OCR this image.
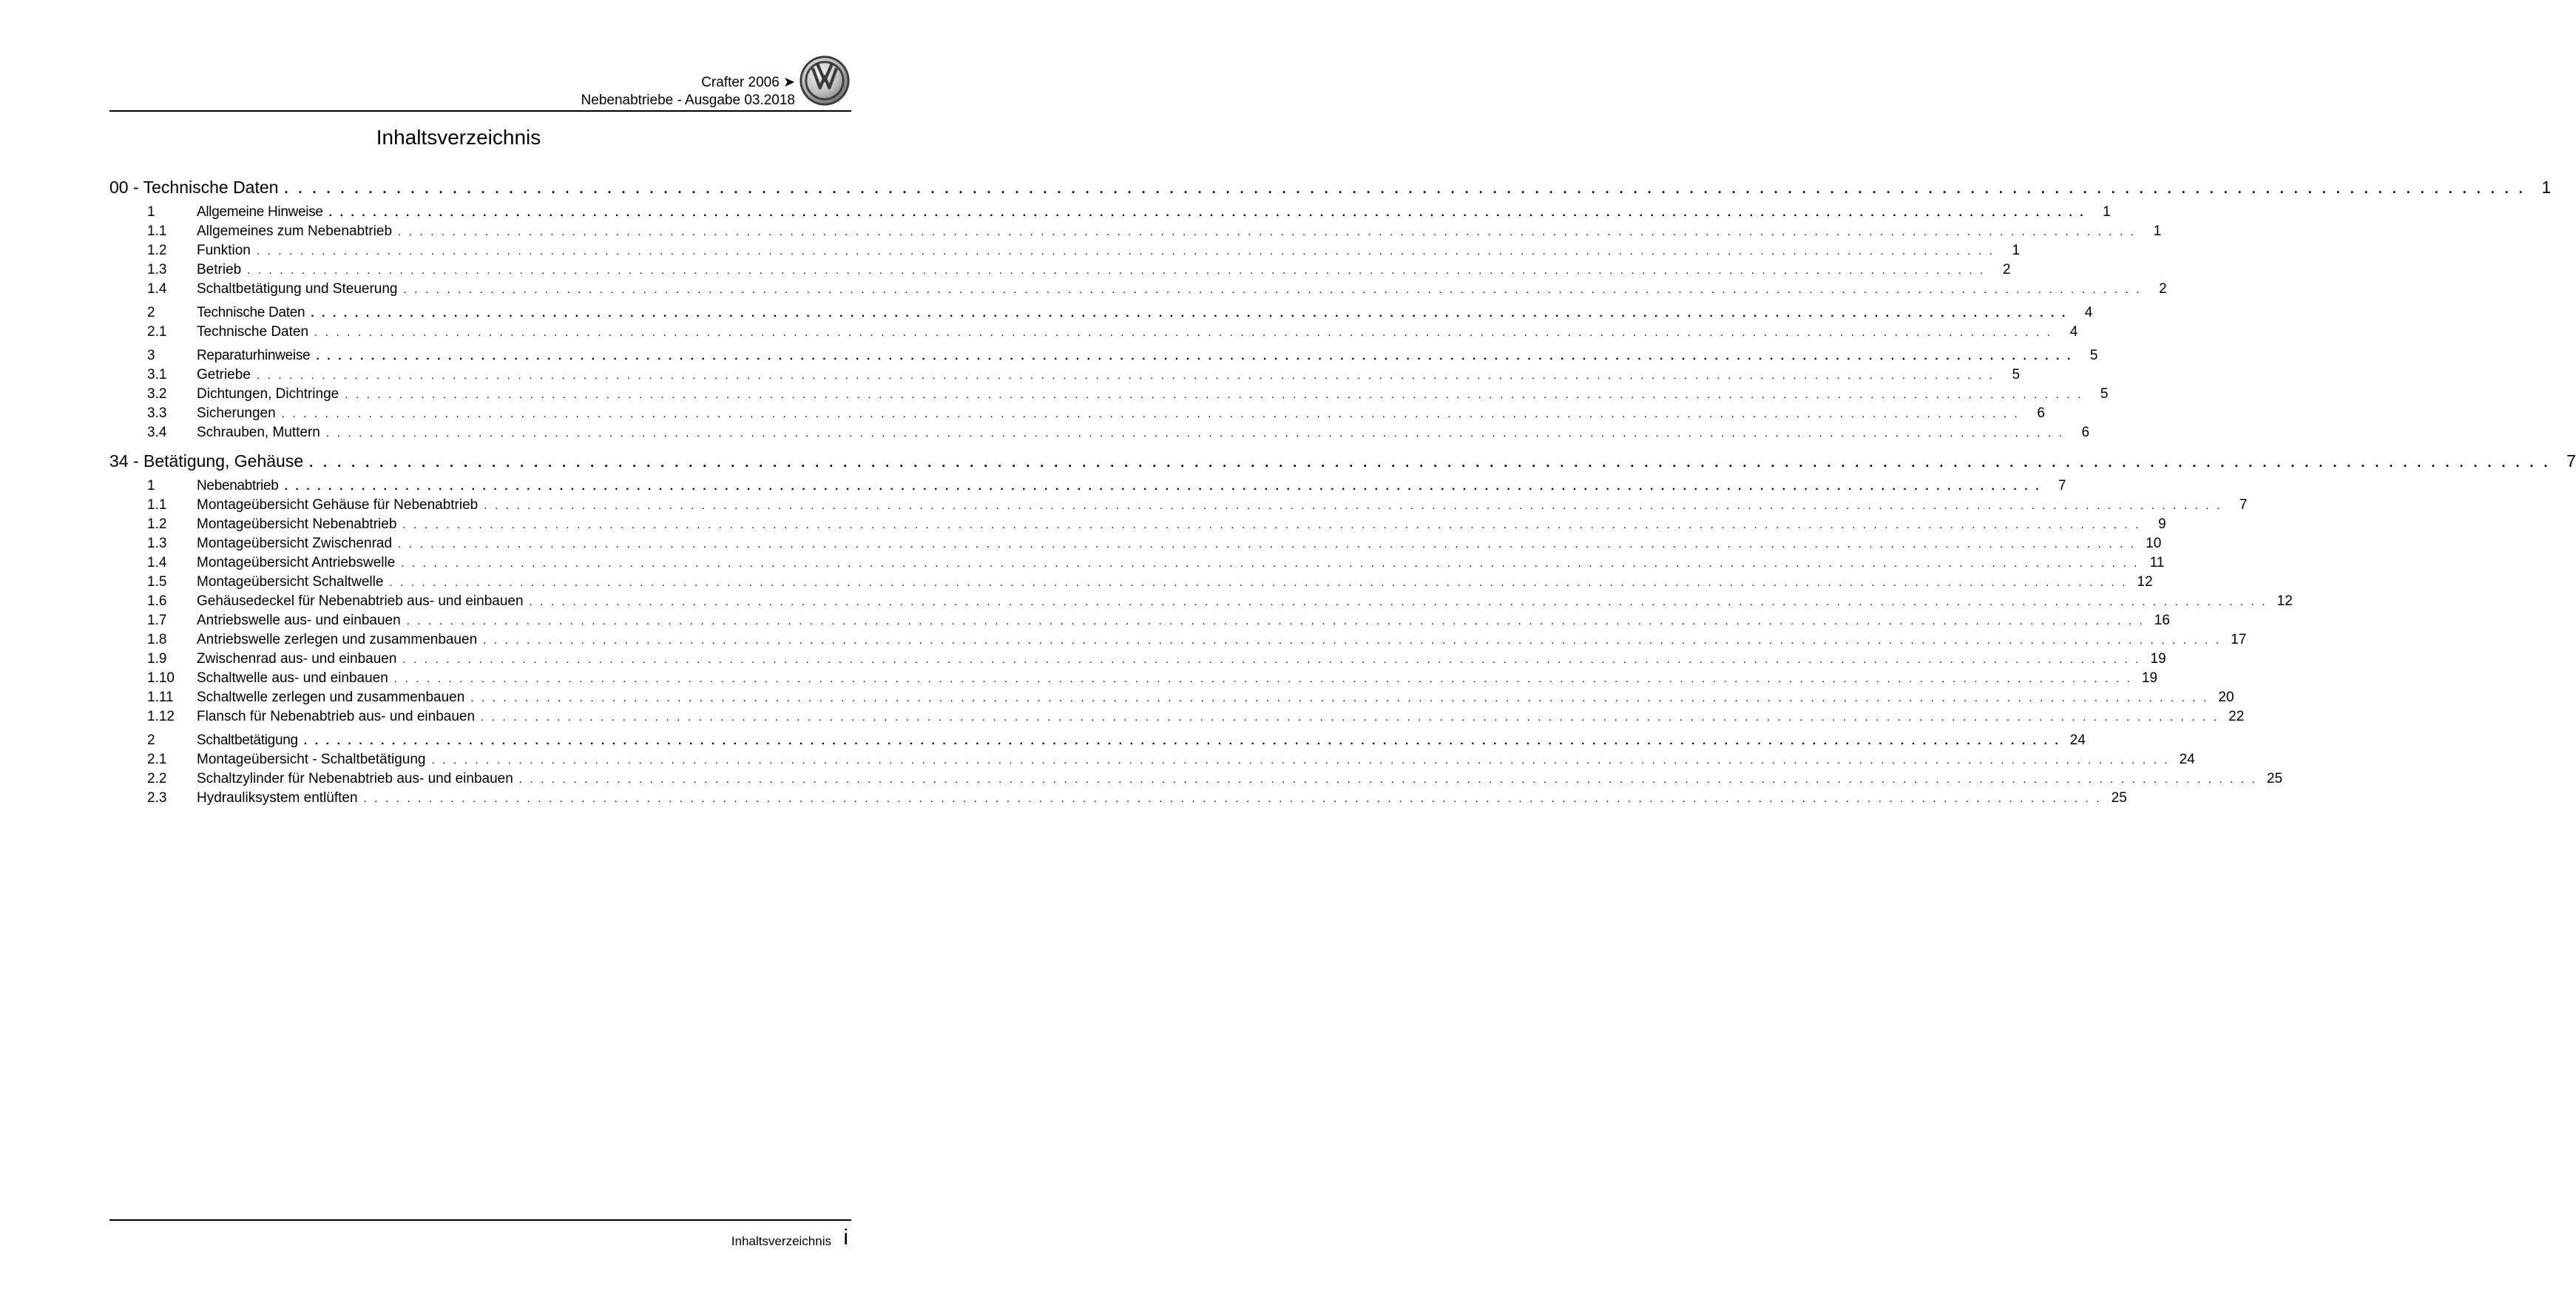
Crafter 2006 ➤
Nebenabtriebe - Ausgabe 03.2018
Inhaltsverzeichnis
00 - Technische Daten . . . . . . . . . . . . . . . . . . . . . . . . . . . . . . . . . . . . . . . . . . . . . . . . . . . . . . . . . . . . . . . . . . . . . . . . . . . . . . . . . . . . . . . . . . . . . . . . . . . . . . . . . . . . . . . . . . . . . . . . . . . . . . . . . . . . . . . . . . . . . . . . . . . . . . . . . . . . . . . . 1
1	Allgemeine Hinweise . . . . . . . . . . . . . . . . . . . . . . . . . . . . . . . . . . . . . . . . . . . . . . . . . . . . . . . . . . . . . . . . . . . . . . . . . . . . . . . . . . . . . . . . . . . . . . . . . . . . . . . . . . . . . . . . . . . . . . . . . . . . . . . . . . . . . . . . . . . . . . . . . . . . . . . . . . . . . . . .	1
1.1	Allgemeines zum Nebenabtrieb . . . . . . . . . . . . . . . . . . . . . . . . . . . . . . . . . . . . . . . . . . . . . . . . . . . . . . . . . . . . . . . . . . . . . . . . . . . . . . . . . . . . . . . . . . . . . . . . . . . . . . . . . . . . . . . . . . . . . . . . . . . . . . . . . . . . . . . . . . . . . . . . . . . . . . . . . . . . . . . .	1
1.2	Funktion . . . . . . . . . . . . . . . . . . . . . . . . . . . . . . . . . . . . . . . . . . . . . . . . . . . . . . . . . . . . . . . . . . . . . . . . . . . . . . . . . . . . . . . . . . . . . . . . . . . . . . . . . . . . . . . . . . . . . . . . . . . . . . . . . . . . . . . . . . . . . . . . . . . . . . . . . . . . . . . .	1
1.3	Betrieb . . . . . . . . . . . . . . . . . . . . . . . . . . . . . . . . . . . . . . . . . . . . . . . . . . . . . . . . . . . . . . . . . . . . . . . . . . . . . . . . . . . . . . . . . . . . . . . . . . . . . . . . . . . . . . . . . . . . . . . . . . . . . . . . . . . . . . . . . . . . . . . . . . . . . . . . . . . . . . . .	2
1.4	Schaltbetätigung und Steuerung . . . . . . . . . . . . . . . . . . . . . . . . . . . . . . . . . . . . . . . . . . . . . . . . . . . . . . . . . . . . . . . . . . . . . . . . . . . . . . . . . . . . . . . . . . . . . . . . . . . . . . . . . . . . . . . . . . . . . . . . . . . . . . . . . . . . . . . . . . . . . . . . . . . . . . . . . . . . . . . .	2
2	Technische Daten . . . . . . . . . . . . . . . . . . . . . . . . . . . . . . . . . . . . . . . . . . . . . . . . . . . . . . . . . . . . . . . . . . . . . . . . . . . . . . . . . . . . . . . . . . . . . . . . . . . . . . . . . . . . . . . . . . . . . . . . . . . . . . . . . . . . . . . . . . . . . . . . . . . . . . . . . . . . . . . .	4
2.1	Technische Daten . . . . . . . . . . . . . . . . . . . . . . . . . . . . . . . . . . . . . . . . . . . . . . . . . . . . . . . . . . . . . . . . . . . . . . . . . . . . . . . . . . . . . . . . . . . . . . . . . . . . . . . . . . . . . . . . . . . . . . . . . . . . . . . . . . . . . . . . . . . . . . . . . . . . . . . . . . . . . . . .	4
3	Reparaturhinweise . . . . . . . . . . . . . . . . . . . . . . . . . . . . . . . . . . . . . . . . . . . . . . . . . . . . . . . . . . . . . . . . . . . . . . . . . . . . . . . . . . . . . . . . . . . . . . . . . . . . . . . . . . . . . . . . . . . . . . . . . . . . . . . . . . . . . . . . . . . . . . . . . . . . . . . . . . . . . . . .	5
3.1	Getriebe . . . . . . . . . . . . . . . . . . . . . . . . . . . . . . . . . . . . . . . . . . . . . . . . . . . . . . . . . . . . . . . . . . . . . . . . . . . . . . . . . . . . . . . . . . . . . . . . . . . . . . . . . . . . . . . . . . . . . . . . . . . . . . . . . . . . . . . . . . . . . . . . . . . . . . . . . . . . . . . .	5
3.2	Dichtungen, Dichtringe . . . . . . . . . . . . . . . . . . . . . . . . . . . . . . . . . . . . . . . . . . . . . . . . . . . . . . . . . . . . . . . . . . . . . . . . . . . . . . . . . . . . . . . . . . . . . . . . . . . . . . . . . . . . . . . . . . . . . . . . . . . . . . . . . . . . . . . . . . . . . . . . . . . . . . . . . . . . . . . .	5
3.3	Sicherungen . . . . . . . . . . . . . . . . . . . . . . . . . . . . . . . . . . . . . . . . . . . . . . . . . . . . . . . . . . . . . . . . . . . . . . . . . . . . . . . . . . . . . . . . . . . . . . . . . . . . . . . . . . . . . . . . . . . . . . . . . . . . . . . . . . . . . . . . . . . . . . . . . . . . . . . . . . . . . . . .	6
3.4	Schrauben, Muttern . . . . . . . . . . . . . . . . . . . . . . . . . . . . . . . . . . . . . . . . . . . . . . . . . . . . . . . . . . . . . . . . . . . . . . . . . . . . . . . . . . . . . . . . . . . . . . . . . . . . . . . . . . . . . . . . . . . . . . . . . . . . . . . . . . . . . . . . . . . . . . . . . . . . . . . . . . . . . . . .	6
34 - Betätigung, Gehäuse . . . . . . . . . . . . . . . . . . . . . . . . . . . . . . . . . . . . . . . . . . . . . . . . . . . . . . . . . . . . . . . . . . . . . . . . . . . . . . . . . . . . . . . . . . . . . . . . . . . . . . . . . . . . . . . . . . . . . . . . . . . . . . . . . . . . . . . . . . . . . . . . . . . . . . . . . . . . . . . . 7
1	Nebenabtrieb . . . . . . . . . . . . . . . . . . . . . . . . . . . . . . . . . . . . . . . . . . . . . . . . . . . . . . . . . . . . . . . . . . . . . . . . . . . . . . . . . . . . . . . . . . . . . . . . . . . . . . . . . . . . . . . . . . . . . . . . . . . . . . . . . . . . . . . . . . . . . . . . . . . . . . . . . . . . . . . .	7
1.1	Montageübersicht Gehäuse für Nebenabtrieb . . . . . . . . . . . . . . . . . . . . . . . . . . . . . . . . . . . . . . . . . . . . . . . . . . . . . . . . . . . . . . . . . . . . . . . . . . . . . . . . . . . . . . . . . . . . . . . . . . . . . . . . . . . . . . . . . . . . . . . . . . . . . . . . . . . . . . . . . . . . . . . . . . . . . . . . . . . . . . . .	7
1.2	Montageübersicht Nebenabtrieb . . . . . . . . . . . . . . . . . . . . . . . . . . . . . . . . . . . . . . . . . . . . . . . . . . . . . . . . . . . . . . . . . . . . . . . . . . . . . . . . . . . . . . . . . . . . . . . . . . . . . . . . . . . . . . . . . . . . . . . . . . . . . . . . . . . . . . . . . . . . . . . . . . . . . . . . . . . . . . . .	9
1.3	Montageübersicht Zwischenrad . . . . . . . . . . . . . . . . . . . . . . . . . . . . . . . . . . . . . . . . . . . . . . . . . . . . . . . . . . . . . . . . . . . . . . . . . . . . . . . . . . . . . . . . . . . . . . . . . . . . . . . . . . . . . . . . . . . . . . . . . . . . . . . . . . . . . . . . . . . . . . . . . . . . . . . . . . . . . . . . 10
1.4	Montageübersicht Antriebswelle . . . . . . . . . . . . . . . . . . . . . . . . . . . . . . . . . . . . . . . . . . . . . . . . . . . . . . . . . . . . . . . . . . . . . . . . . . . . . . . . . . . . . . . . . . . . . . . . . . . . . . . . . . . . . . . . . . . . . . . . . . . . . . . . . . . . . . . . . . . . . . . . . . . . . . . . . . . . . . . . 11
1.5	Montageübersicht Schaltwelle . . . . . . . . . . . . . . . . . . . . . . . . . . . . . . . . . . . . . . . . . . . . . . . . . . . . . . . . . . . . . . . . . . . . . . . . . . . . . . . . . . . . . . . . . . . . . . . . . . . . . . . . . . . . . . . . . . . . . . . . . . . . . . . . . . . . . . . . . . . . . . . . . . . . . . . . . . . . . . . . 12
1.6	Gehäusedeckel für Nebenabtrieb aus- und einbauen . . . . . . . . . . . . . . . . . . . . . . . . . . . . . . . . . . . . . . . . . . . . . . . . . . . . . . . . . . . . . . . . . . . . . . . . . . . . . . . . . . . . . . . . . . . . . . . . . . . . . . . . . . . . . . . . . . . . . . . . . . . . . . . . . . . . . . . . . . . . . . . . . . . . . . . . . . . . . . . . 12
1.7	Antriebswelle aus- und einbauen . . . . . . . . . . . . . . . . . . . . . . . . . . . . . . . . . . . . . . . . . . . . . . . . . . . . . . . . . . . . . . . . . . . . . . . . . . . . . . . . . . . . . . . . . . . . . . . . . . . . . . . . . . . . . . . . . . . . . . . . . . . . . . . . . . . . . . . . . . . . . . . . . . . . . . . . . . . . . . . . 16
1.8	Antriebswelle zerlegen und zusammenbauen . . . . . . . . . . . . . . . . . . . . . . . . . . . . . . . . . . . . . . . . . . . . . . . . . . . . . . . . . . . . . . . . . . . . . . . . . . . . . . . . . . . . . . . . . . . . . . . . . . . . . . . . . . . . . . . . . . . . . . . . . . . . . . . . . . . . . . . . . . . . . . . . . . . . . . . . . . . . . . . . 17
1.9	Zwischenrad aus- und einbauen . . . . . . . . . . . . . . . . . . . . . . . . . . . . . . . . . . . . . . . . . . . . . . . . . . . . . . . . . . . . . . . . . . . . . . . . . . . . . . . . . . . . . . . . . . . . . . . . . . . . . . . . . . . . . . . . . . . . . . . . . . . . . . . . . . . . . . . . . . . . . . . . . . . . . . . . . . . . . . . . 19
1.10	Schaltwelle aus- und einbauen . . . . . . . . . . . . . . . . . . . . . . . . . . . . . . . . . . . . . . . . . . . . . . . . . . . . . . . . . . . . . . . . . . . . . . . . . . . . . . . . . . . . . . . . . . . . . . . . . . . . . . . . . . . . . . . . . . . . . . . . . . . . . . . . . . . . . . . . . . . . . . . . . . . . . . . . . . . . . . . . 19
1.11	Schaltwelle zerlegen und zusammenbauen . . . . . . . . . . . . . . . . . . . . . . . . . . . . . . . . . . . . . . . . . . . . . . . . . . . . . . . . . . . . . . . . . . . . . . . . . . . . . . . . . . . . . . . . . . . . . . . . . . . . . . . . . . . . . . . . . . . . . . . . . . . . . . . . . . . . . . . . . . . . . . . . . . . . . . . . . . . . . . . . 20
1.12	Flansch für Nebenabtrieb aus- und einbauen . . . . . . . . . . . . . . . . . . . . . . . . . . . . . . . . . . . . . . . . . . . . . . . . . . . . . . . . . . . . . . . . . . . . . . . . . . . . . . . . . . . . . . . . . . . . . . . . . . . . . . . . . . . . . . . . . . . . . . . . . . . . . . . . . . . . . . . . . . . . . . . . . . . . . . . . . . . . . . . . 22
2	Schaltbetätigung . . . . . . . . . . . . . . . . . . . . . . . . . . . . . . . . . . . . . . . . . . . . . . . . . . . . . . . . . . . . . . . . . . . . . . . . . . . . . . . . . . . . . . . . . . . . . . . . . . . . . . . . . . . . . . . . . . . . . . . . . . . . . . . . . . . . . . . . . . . . . . . . . . . . . . . . . . . . . . . . 24
2.1	Montageübersicht - Schaltbetätigung . . . . . . . . . . . . . . . . . . . . . . . . . . . . . . . . . . . . . . . . . . . . . . . . . . . . . . . . . . . . . . . . . . . . . . . . . . . . . . . . . . . . . . . . . . . . . . . . . . . . . . . . . . . . . . . . . . . . . . . . . . . . . . . . . . . . . . . . . . . . . . . . . . . . . . . . . . . . . . . . 24
2.2	Schaltzylinder für Nebenabtrieb aus- und einbauen . . . . . . . . . . . . . . . . . . . . . . . . . . . . . . . . . . . . . . . . . . . . . . . . . . . . . . . . . . . . . . . . . . . . . . . . . . . . . . . . . . . . . . . . . . . . . . . . . . . . . . . . . . . . . . . . . . . . . . . . . . . . . . . . . . . . . . . . . . . . . . . . . . . . . . . . . . . . . . . . 25
2.3	Hydrauliksystem entlüften . . . . . . . . . . . . . . . . . . . . . . . . . . . . . . . . . . . . . . . . . . . . . . . . . . . . . . . . . . . . . . . . . . . . . . . . . . . . . . . . . . . . . . . . . . . . . . . . . . . . . . . . . . . . . . . . . . . . . . . . . . . . . . . . . . . . . . . . . . . . . . . . . . . . . . . . . . . . . . . . 25
Inhaltsverzeichnis i
